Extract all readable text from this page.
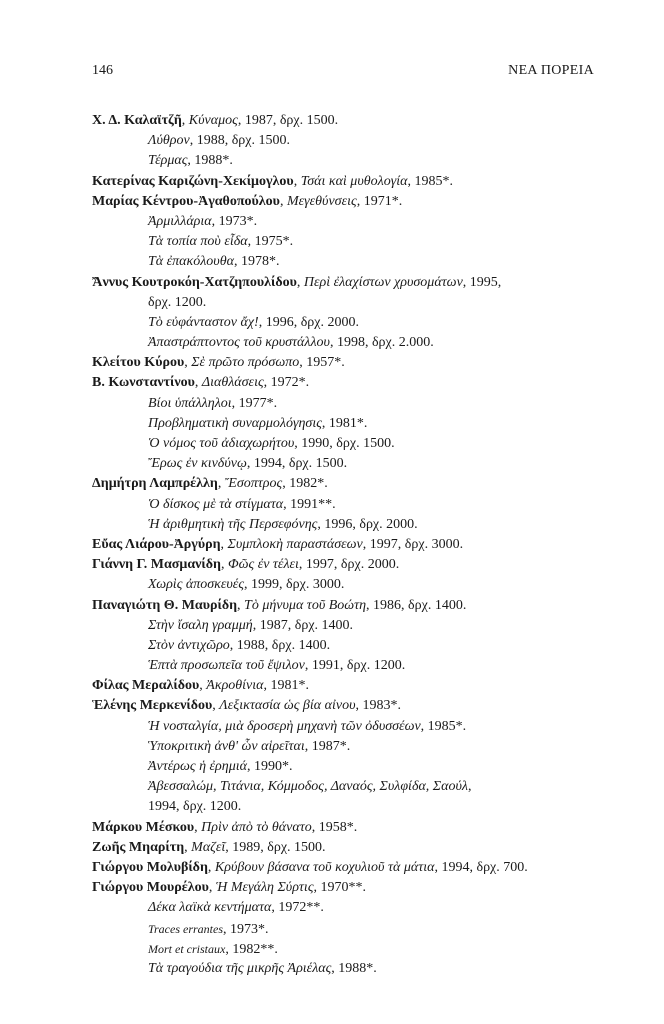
146	ΝΕΑ ΠΟΡΕΙΑ
Χ. Δ. Καλαϊτζῆ, Κύναμος, 1987, δρχ. 1500.
Λύθρον, 1988, δρχ. 1500.
Τέρμας, 1988*.
Κατερίνας Καριζώνη-Χεκίμογλου, Τσάι καὶ μυθολογία, 1985*.
Μαρίας Κέντρου-Ἀγαθοπούλου, Μεγεθύνσεις, 1971*.
Ἀρμιλλάρια, 1973*.
Τὰ τοπία ποὺ εἶδα, 1975*.
Τὰ ἐπακόλουθα, 1978*.
Ἄννυς Κουτροκόη-Χατζηπουλίδου, Περὶ ἐλαχίστων χρυσομάτων, 1995,
δρχ. 1200.
Τὸ εὐφάνταστον ἄχ!, 1996, δρχ. 2000.
Ἀπαστράπτοντος τοῦ κρυστάλλου, 1998, δρχ. 2.000.
Κλείτου Κύρου, Σὲ πρῶτο πρόσωπο, 1957*.
Β. Κωνσταντίνου, Διαθλάσεις, 1972*.
Βίοι ὑπάλληλοι, 1977*.
Προβληματικὴ συναρμολόγησις, 1981*.
Ὁ νόμος τοῦ ἀδιαχωρήτου, 1990, δρχ. 1500.
Ἔρως ἐν κινδύνῳ, 1994, δρχ. 1500.
Δημήτρη Λαμπρέλλη, Ἔσοπτρος, 1982*.
Ὁ δίσκος μὲ τὰ στίγματα, 1991**.
Ἡ ἀριθμητικὴ τῆς Περσεφόνης, 1996, δρχ. 2000.
Εὔας Λιάρου-Ἀργύρη, Συμπλοκὴ παραστάσεων, 1997, δρχ. 3000.
Γιάννη Γ. Μασμανίδη, Φῶς ἐν τέλει, 1997, δρχ. 2000.
Χωρὶς ἀποσκευές, 1999, δρχ. 3000.
Παναγιώτη Θ. Μαυρίδη, Τὸ μήνυμα τοῦ Βοώτη, 1986, δρχ. 1400.
Στὴν ἴσαλη γραμμή, 1987, δρχ. 1400.
Στὸν ἀντιχῶρο, 1988, δρχ. 1400.
Ἑπτὰ προσωπεῖα τοῦ ἔψιλον, 1991, δρχ. 1200.
Φίλας Μεραλίδου, Ἀκροθίνια, 1981*.
Ἑλένης Μερκενίδου, Λεξικτασία ὡς βία αἰνου, 1983*.
Ἡ νοσταλγία, μιὰ δροσερὴ μηχανὴ τῶν ὀδυσσέων, 1985*.
Ὑποκριτικὴ ἀνθ' ὧν αἱρεῖται, 1987*.
Ἀντέρως ἡ ἐρημιά, 1990*.
Ἀβεσσαλώμ, Τιτάνια, Κόμμοδος, Δαναός, Συλφίδα, Σαούλ,
1994, δρχ. 1200.
Μάρκου Μέσκου, Πρὶν ἀπὸ τὸ θάνατο, 1958*.
Ζωῆς Μηαρίτη, Μαζεῖ, 1989, δρχ. 1500.
Γιώργου Μολυβίδη, Κρύβουν βάσανα τοῦ κοχυλιοῦ τὰ μάτια, 1994, δρχ. 700.
Γιώργου Μουρέλου, Ἡ Μεγάλη Σύρτις, 1970**.
Δέκα λαϊκὰ κεντήματα, 1972**.
Traces errantes, 1973*.
Mort et cristaux, 1982**.
Τὰ τραγούδια τῆς μικρῆς Ἀριέλας, 1988*.
